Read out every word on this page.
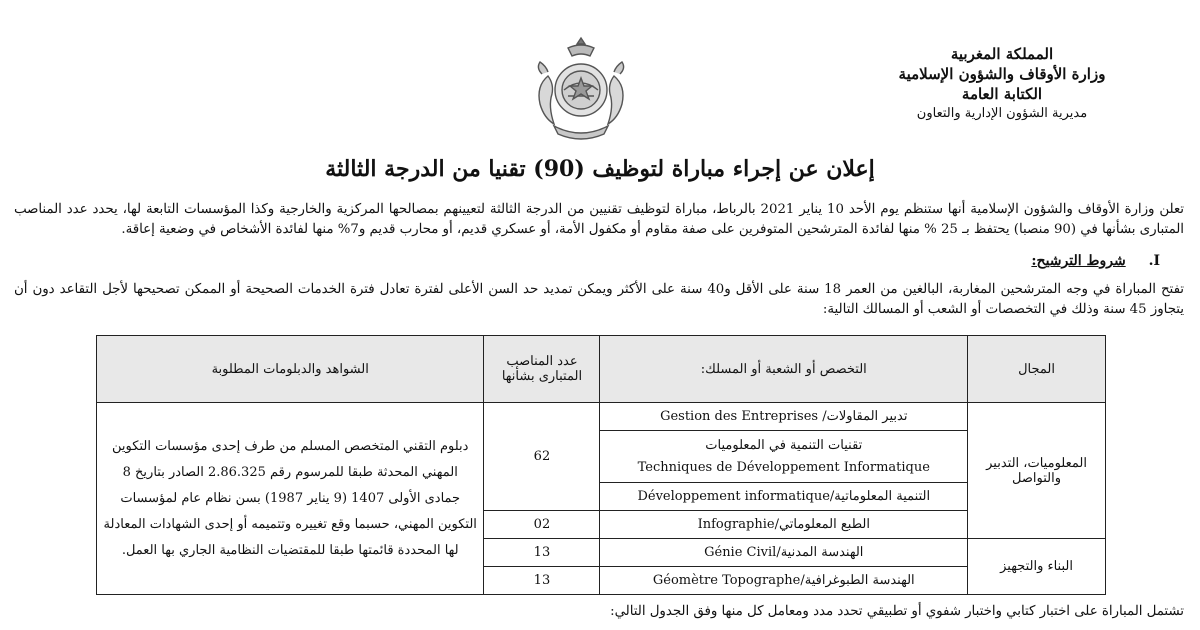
المملكة المغربية
وزارة الأوقاف والشؤون الإسلامية
الكتابة العامة
مديرية الشؤون الإدارية والتعاون
إعلان عن إجراء مباراة لتوظيف (90) تقنيا من الدرجة الثالثة
تعلن وزارة الأوقاف والشؤون الإسلامية أنها ستنظم يوم الأحد 10 يناير 2021 بالرباط، مباراة لتوظيف تقنيين من الدرجة الثالثة لتعيينهم بمصالحها المركزية والخارجية وكذا المؤسسات التابعة لها، يحدد عدد المناصب المتبارى بشأنها في (90 منصبا) يحتفظ بـ 25 % منها لفائدة المترشحين المتوفرين على صفة مقاوم أو مكفول الأمة، أو عسكري قديم، أو محارب قديم و7% منها لفائدة الأشخاص في وضعية إعاقة.
I. شروط الترشيح:
تفتح المباراة في وجه المترشحين المغاربة، البالغين من العمر 18 سنة على الأقل و40 سنة على الأكثر ويمكن تمديد حد السن الأعلى لفترة تعادل فترة الخدمات الصحيحة أو الممكن تصحيحها لأجل التقاعد دون أن يتجاوز 45 سنة وذلك في التخصصات أو الشعب أو المسالك التالية:
المجال	التخصص أو الشعبة أو المسلك:	عدد المناصب المتبارى بشأنها	الشواهد والدبلومات المطلوبة
المعلوميات، التدبير والتواصل	تدبير المقاولات/ Gestion des Entreprises	62	دبلوم التقني المتخصص المسلم من طرف إحدى مؤسسات التكوين المهني المحدثة طبقا للمرسوم رقم 2.86.325 الصادر بتاريخ 8 جمادى الأولى 1407 (9 يناير 1987) بسن نظام عام لمؤسسات التكوين المهني، حسبما وقع تغييره وتتميمه أو إحدى الشهادات المعادلة لها المحددة قائمتها طبقا للمقتضيات النظامية الجاري بها العمل.

	تقنيات التنمية في المعلوميات
Techniques de Développement Informatique		

	التنمية المعلوماتية/Développement informatique		
	الطبع المعلوماتي/Infographie	02	
البناء والتجهيز	الهندسة المدنية/Génie Civil	13	
	الهندسة الطبوغرافية/Géomètre Topographe	13	
تشتمل المباراة على اختبار كتابي واختبار شفوي أو تطبيقي تحدد مدد ومعامل كل منها وفق الجدول التالي:
